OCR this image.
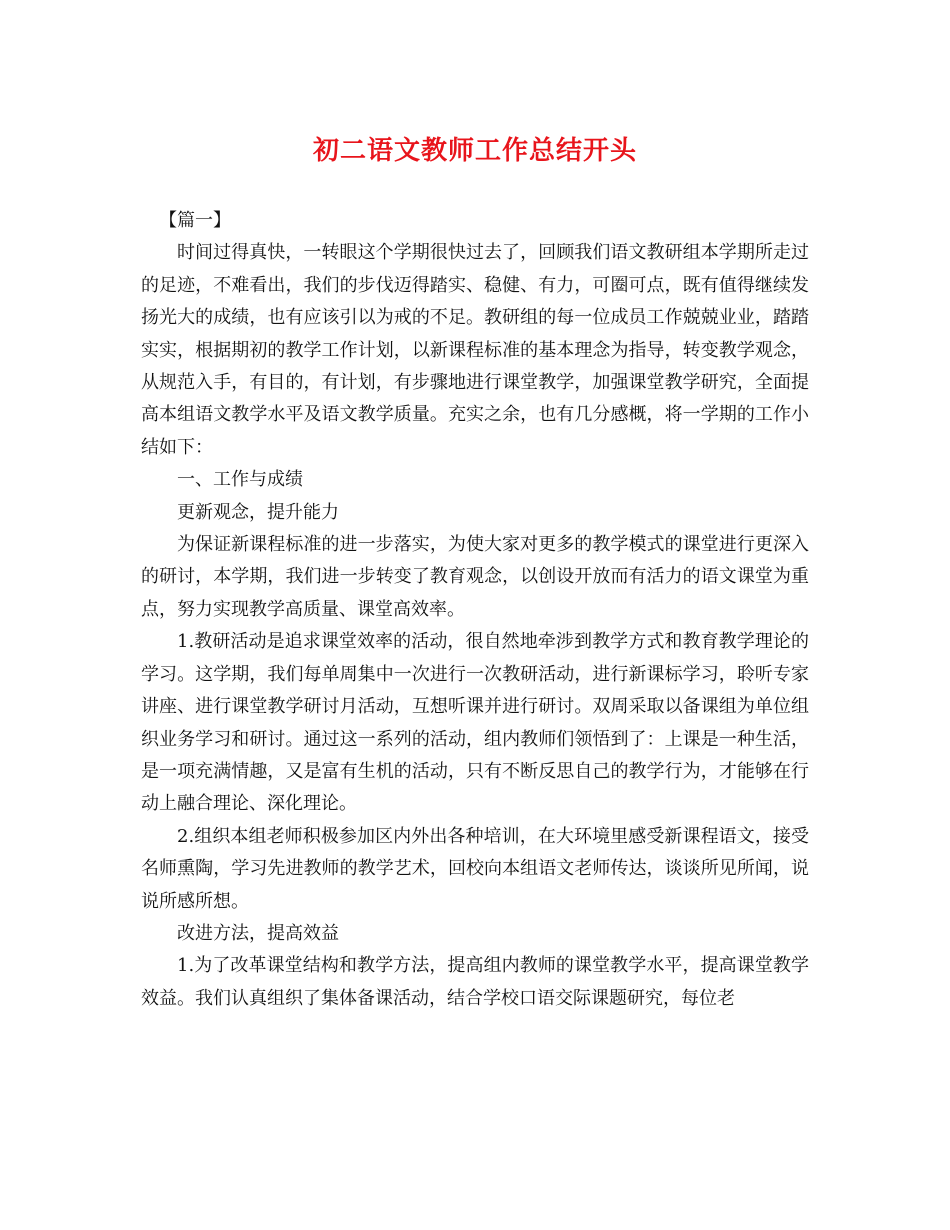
初二语文教师工作总结开头

【篇一】

时间过得真快，一转眼这个学期很快过去了，回顾我们语文教研组本学期所走过的足迹，不难看出，我们的步伐迈得踏实、稳健、有力，可圈可点，既有值得继续发扬光大的成绩，也有应该引以为戒的不足。教研组的每一位成员工作兢兢业业，踏踏实实，根据期初的教学工作计划，以新课程标准的基本理念为指导，转变教学观念，从规范入手，有目的，有计划，有步骤地进行课堂教学，加强课堂教学研究，全面提高本组语文教学水平及语文教学质量。充实之余，也有几分感概，将一学期的工作小结如下：

一、工作与成绩

更新观念，提升能力

为保证新课程标准的进一步落实，为使大家对更多的教学模式的课堂进行更深入的研讨，本学期，我们进一步转变了教育观念，以创设开放而有活力的语文课堂为重点，努力实现教学高质量、课堂高效率。

1.教研活动是追求课堂效率的活动，很自然地牵涉到教学方式和教育教学理论的学习。这学期，我们每单周集中一次进行一次教研活动，进行新课标学习，聆听专家讲座、进行课堂教学研讨月活动，互想听课并进行研讨。双周采取以备课组为单位组织业务学习和研讨。通过这一系列的活动，组内教师们领悟到了：上课是一种生活，是一项充满情趣，又是富有生机的活动，只有不断反思自己的教学行为，才能够在行动上融合理论、深化理论。

2.组织本组老师积极参加区内外出各种培训，在大环境里感受新课程语文，接受名师熏陶，学习先进教师的教学艺术，回校向本组语文老师传达，谈谈所见所闻，说说所感所想。

改进方法，提高效益

1.为了改革课堂结构和教学方法，提高组内教师的课堂教学水平，提高课堂教学效益。我们认真组织了集体备课活动，结合学校口语交际课题研究，每位老
